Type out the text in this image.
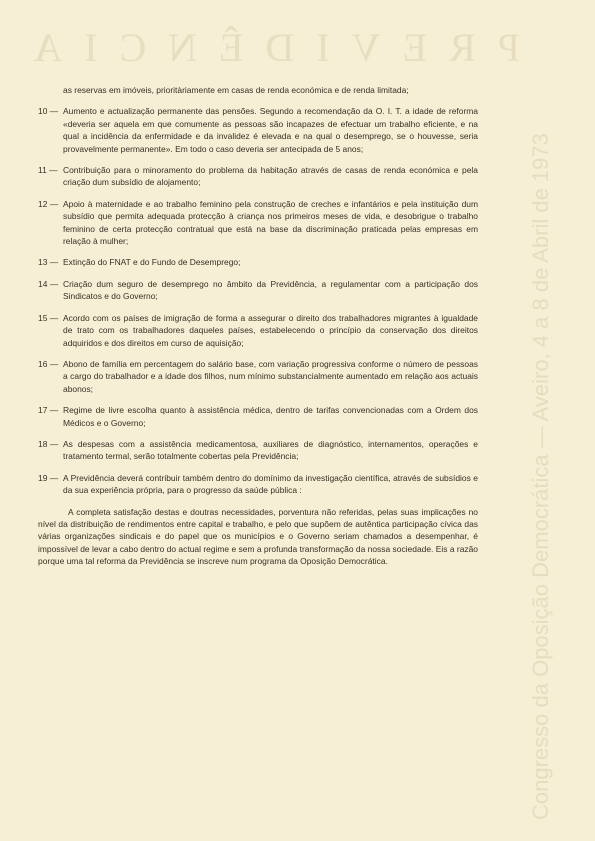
PREVIDÊNCIA
Congresso da Oposição Democrática — Aveiro, 4 a 8 de Abril de 1973

as reservas em imóveis, prioritàriamente em casas de renda económica e de renda limitada;

10 — Aumento e actualização permanente das pensões. Segundo a recomendação da O. I. T. a idade de reforma «deveria ser aquela em que comumente as pessoas são incapazes de efectuar um trabalho eficiente, e na qual a incidência da enfermidade e da invalidez é elevada e na qual o desemprego, se o houvesse, seria provavelmente permanente». Em todo o caso deveria ser antecipada de 5 anos;
11 — Contribuição para o minoramento do problema da habitação através de casas de renda económica e pela criação dum subsídio de alojamento;
12 — Apoio à maternidade e ao trabalho feminino pela construção de creches e infantários e pela instituição dum subsídio que permita adequada protecção à criança nos primeiros meses de vida, e desobrigue o trabalho feminino de certa protecção contratual que está na base da discriminação praticada pelas empresas em relação à mulher;
13 — Extinção do FNAT e do Fundo de Desemprego;
14 — Criação dum seguro de desemprego no âmbito da Previdência, a regulamentar com a participação dos Sindicatos e do Governo;
15 — Acordo com os países de imigração de forma a assegurar o direito dos trabalhadores migrantes à igualdade de trato com os trabalhadores daqueles países, estabelecendo o princípio da conservação dos direitos adquiridos e dos direitos em curso de aquisição;
16 — Abono de família em percentagem do salário base, com variação progressiva conforme o número de pessoas a cargo do trabalhador e a idade dos filhos, num mínimo substancialmente aumentado em relação aos actuais abonos;
17 — Regime de livre escolha quanto à assistência médica, dentro de tarifas convencionadas com a Ordem dos Médicos e o Governo;
18 — As despesas com a assistência medicamentosa, auxiliares de diagnóstico, internamentos, operações e tratamento termal, serão totalmente cobertas pela Previdência;
19 — A Previdência deverá contribuir também dentro do domínimo da investigação científica, através de subsídios e da sua experiência própria, para o progresso da saúde pública :

A completa satisfação destas e doutras necessidades, porventura não referidas, pelas suas implicações no nível da distribuição de rendimentos entre capital e trabalho, e pelo que supõem de autêntica participação cívica das várias organizações sindicais e do papel que os municípios e o Governo seriam chamados a desempenhar, é impossível de levar a cabo dentro do actual regime e sem a profunda transformação da nossa sociedade. Eis a razão porque uma tal reforma da Previdência se inscreve num programa da Oposição Democrática.
